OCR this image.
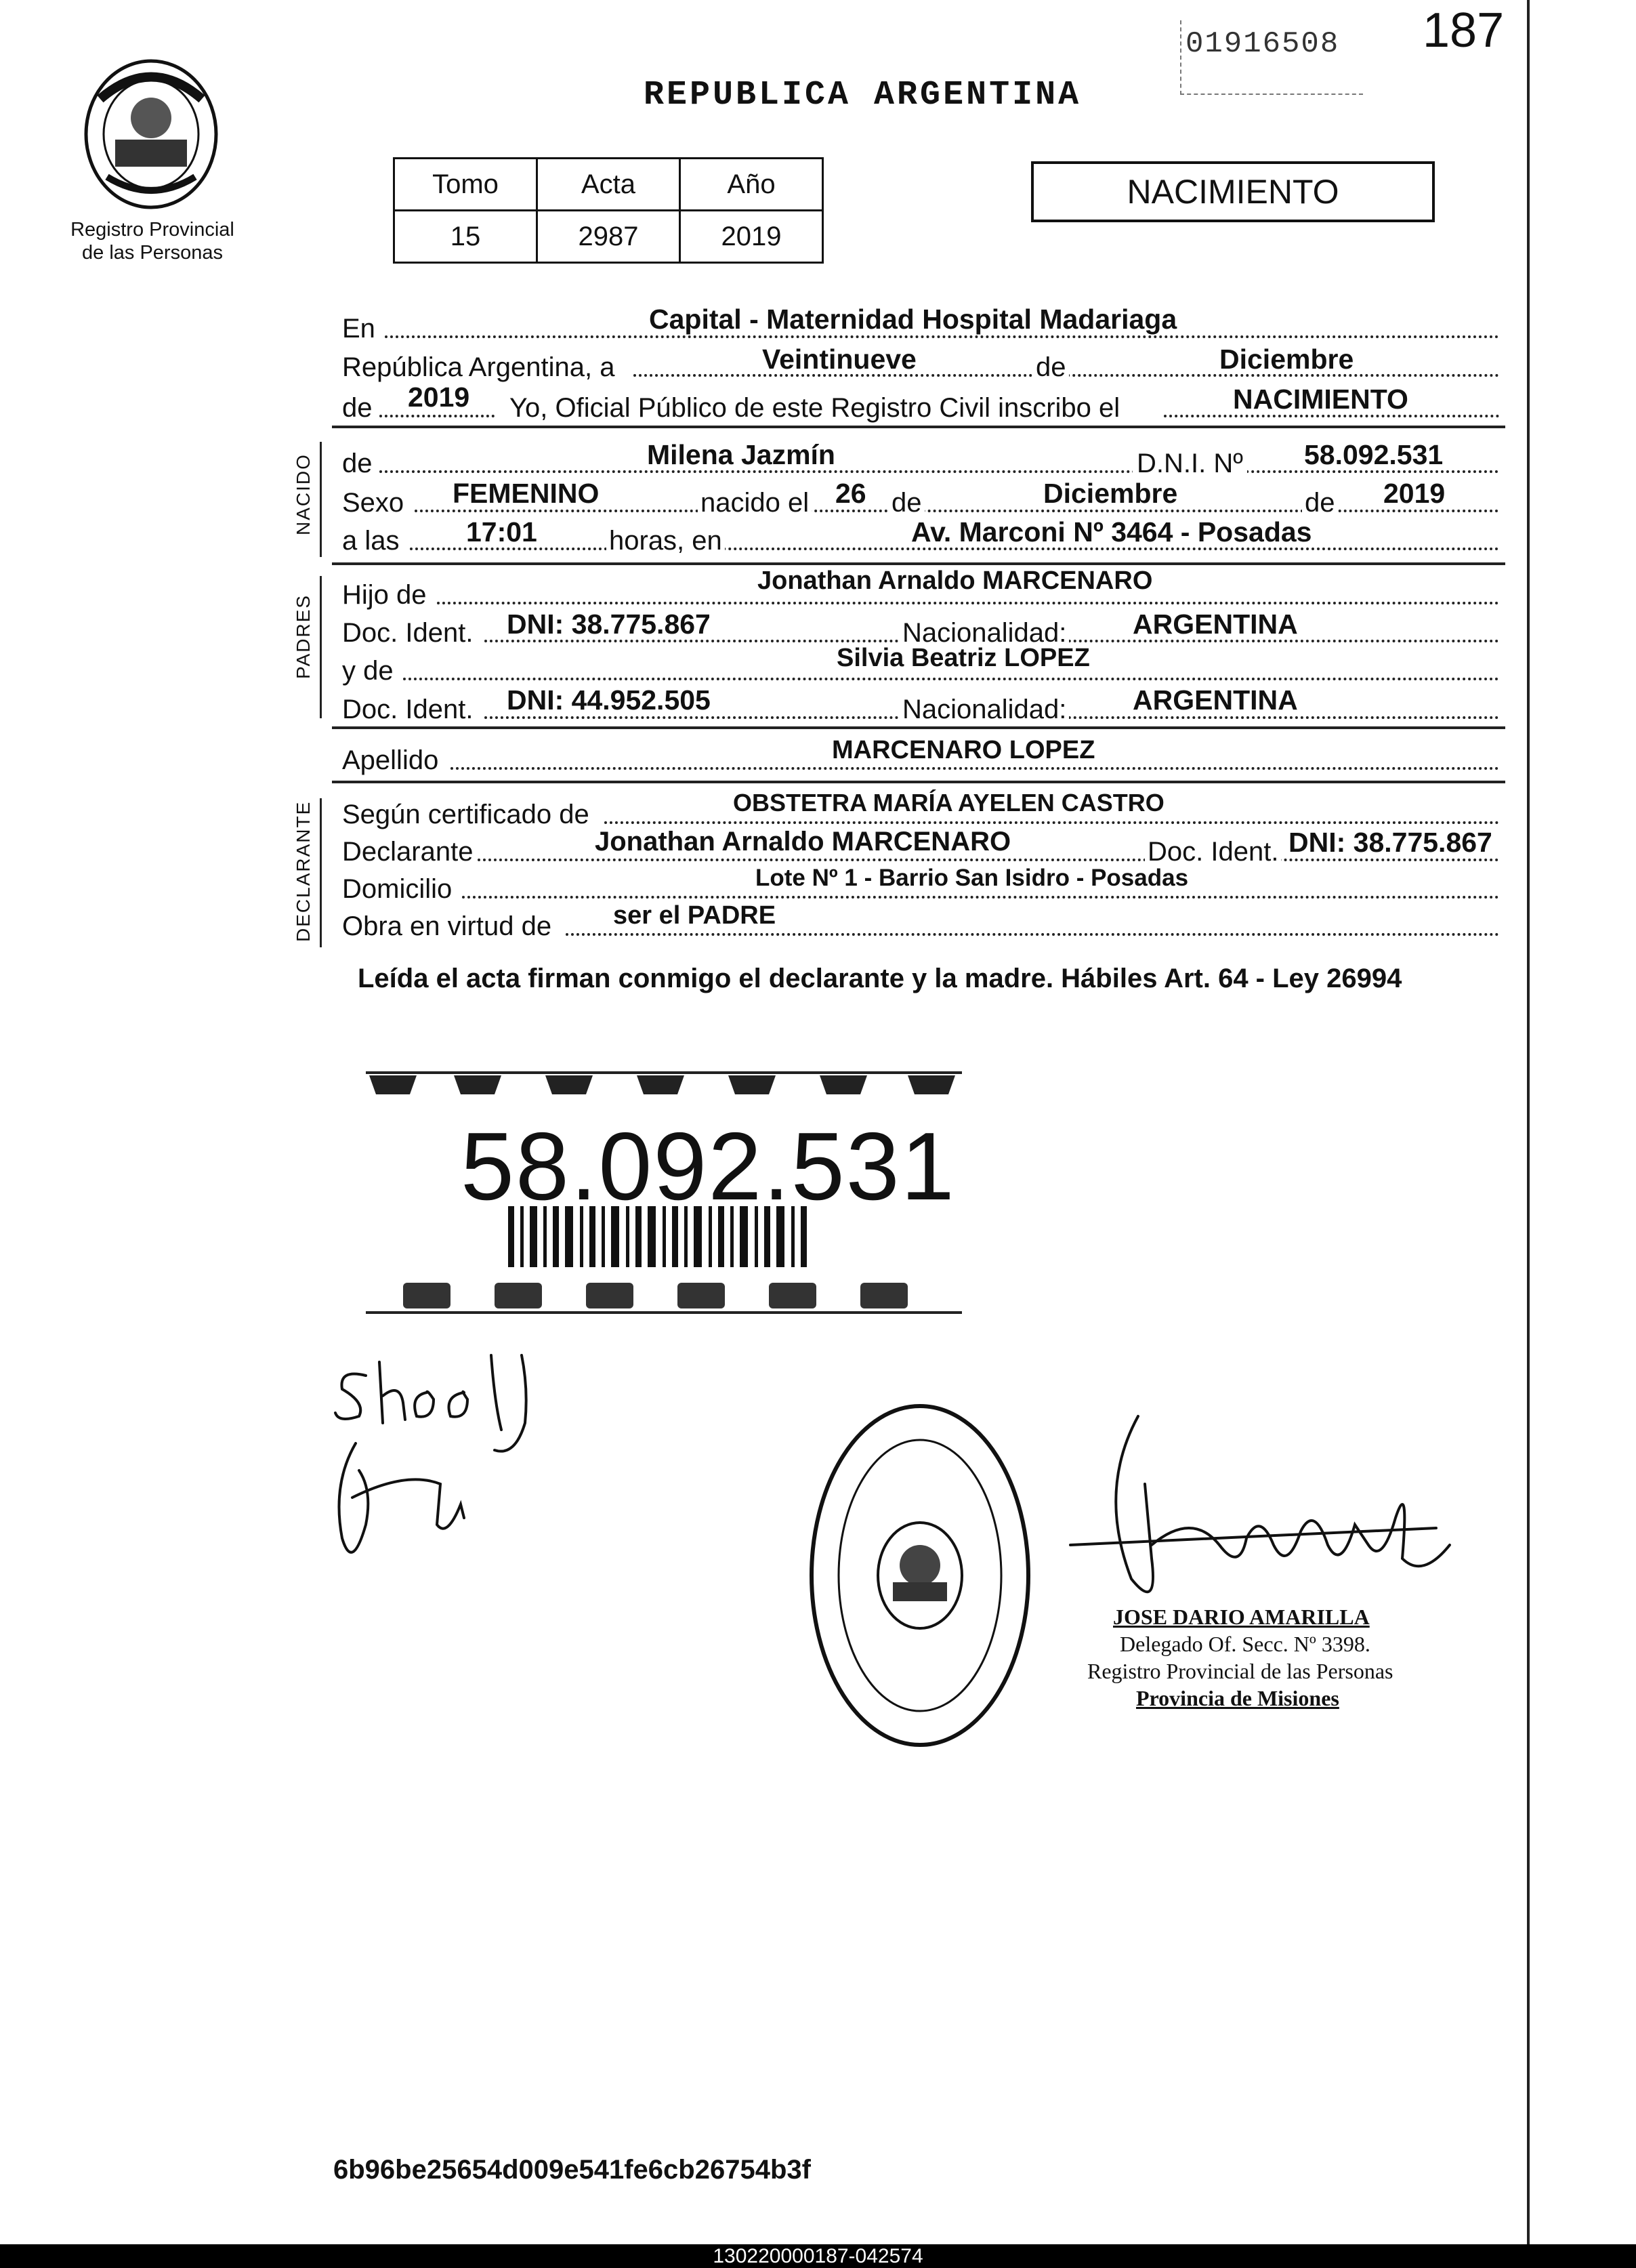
Registro Provincial
de las Personas
01916508 187
REPUBLICA ARGENTINA
Tomo	Acta	Año
15	2987	2019
NACIMIENTO
En	Capital - Maternidad Hospital Madariaga
República Argentina, a	Veintinueve	de	Diciembre
de 2019 Yo, Oficial Público de este Registro Civil inscribo el	NACIMIENTO
NACIDO de	Milena Jazmín	D.N.I. Nº 58.092.531
Sexo FEMENINO	nacido el 26 de	Diciembre	de 2019
a las 17:01	horas, en	Av. Marconi Nº 3464 - Posadas
PADRES Hijo de	Jonathan Arnaldo MARCENARO
Doc. Ident. DNI: 38.775.867	Nacionalidad: ARGENTINA
y de	Silvia Beatriz LOPEZ
Doc. Ident. DNI: 44.952.505	Nacionalidad: ARGENTINA
Apellido	MARCENARO LOPEZ
DECLARANTE Según certificado de	OBSTETRA MARÍA AYELEN CASTRO
Declarante	Jonathan Arnaldo MARCENARO	Doc. Ident. DNI: 38.775.867
Domicilio	Lote Nº 1 - Barrio San Isidro - Posadas
Obra en virtud de ser el PADRE
Leída el acta firman conmigo el declarante y la madre. Hábiles Art. 64 - Ley 26994
58.092.531
JOSE DARIO AMARILLA
Delegado Of. Secc. Nº 3398.
Registro Provincial de las Personas
Provincia de Misiones
6b96be25654d009e541fe6cb26754b3f
130220000187-042574
